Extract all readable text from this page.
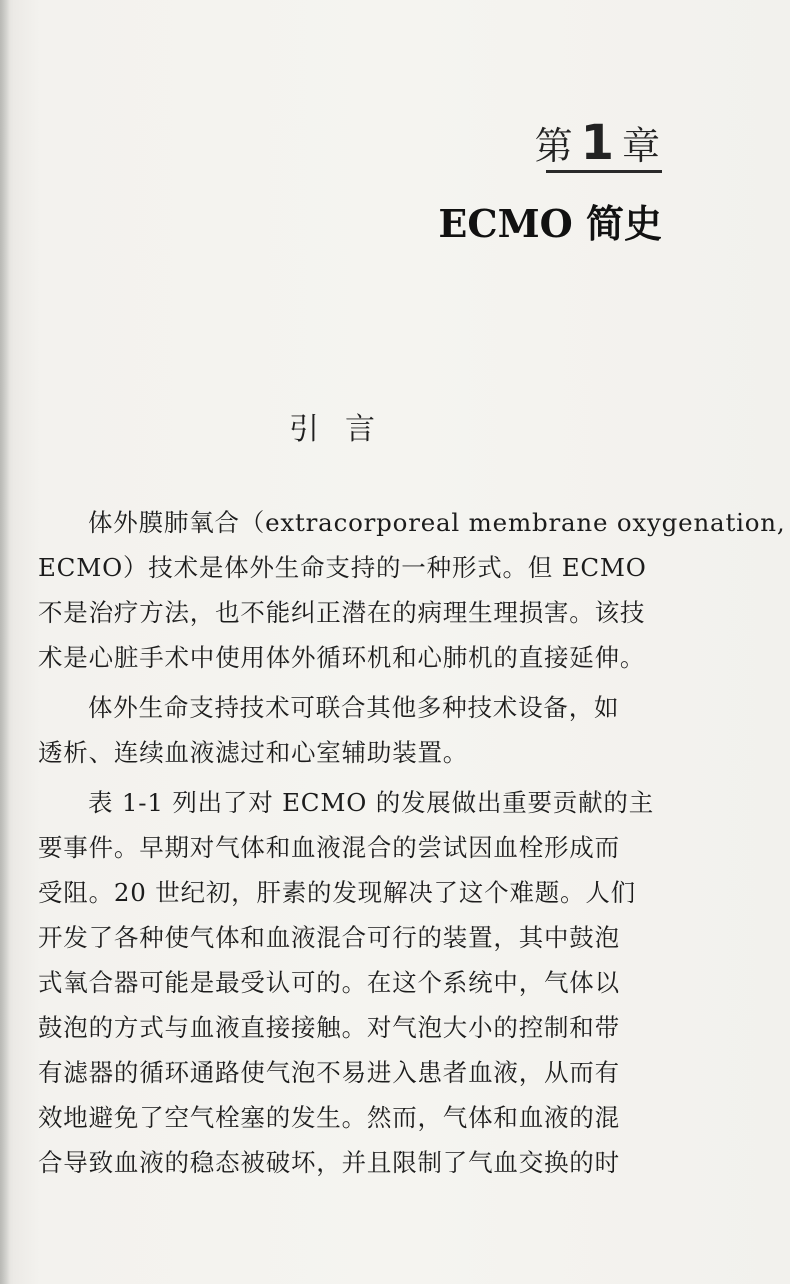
第 1 章
ECMO 简史
引言
体外膜肺氧合（extracorporeal membrane oxygenation,
ECMO）技术是体外生命支持的一种形式。但 ECMO
不是治疗方法，也不能纠正潜在的病理生理损害。该技
术是心脏手术中使用体外循环机和心肺机的直接延伸。
体外生命支持技术可联合其他多种技术设备，如
透析、连续血液滤过和心室辅助装置。
表 1-1 列出了对 ECMO 的发展做出重要贡献的主
要事件。早期对气体和血液混合的尝试因血栓形成而
受阻。20 世纪初，肝素的发现解决了这个难题。人们
开发了各种使气体和血液混合可行的装置，其中鼓泡
式氧合器可能是最受认可的。在这个系统中，气体以
鼓泡的方式与血液直接接触。对气泡大小的控制和带
有滤器的循环通路使气泡不易进入患者血液，从而有
效地避免了空气栓塞的发生。然而，气体和血液的混
合导致血液的稳态被破坏，并且限制了气血交换的时
